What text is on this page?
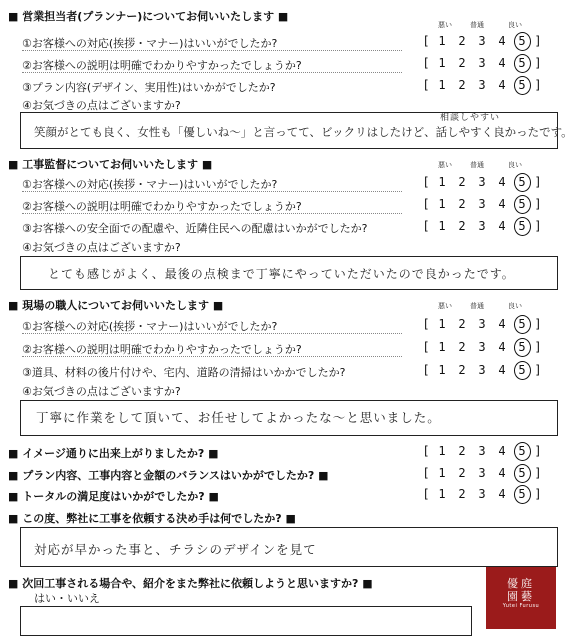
■ 営業担当者(プランナー)についてお伺いいたします ■
悪い	普通	良い
①お客様への対応(挨拶・マナー)はいいがでしたか?	[ 1 2 3 4 5 ]
②お客様への説明は明確でわかりやすかったでしょうか?	[ 1 2 3 4 5 ]
③プラン内容(デザイン、実用性)はいかがでしたか?	[ 1 2 3 4 5 ]
④お気づきの点はございますか?
相談しやすい
笑顔がとても良く、女性も「優しいね〜」と言ってて、ビックリはしたけど、話しやすく良かったです。
■ 工事監督についてお伺いいたします ■	悪い	普通	良い
①お客様への対応(挨拶・マナー)はいいがでしたか?	[ 1 2 3 4 5 ]
②お客様への説明は明確でわかりやすかったでしょうか?	[ 1 2 3 4 5 ]
③お客様への安全面での配慮や、近隣住民への配慮はいかがでしたか?	[ 1 2 3 4 5 ]
④お気づきの点はございますか?
とても感じがよく、最後の点検まで丁寧にやっていただいたので良かったです。
■ 現場の職人についてお伺いいたします ■	悪い	普通	良い
①お客様への対応(挨拶・マナー)はいいがでしたか?	[ 1 2 3 4 5 ]
②お客様への説明は明確でわかりやすかったでしょうか?	[ 1 2 3 4 5 ]
③道具、材料の後片付けや、宅内、道路の清掃はいかかでしたか?	[ 1 2 3 4 5 ]
④お気づきの点はございますか?
丁寧に作業をして頂いて、お任せしてよかったな〜と思いました。
■ イメージ通りに出来上がりましたか? ■	[ 1 2 3 4 5 ]
■ プラン内容、工事内容と金額のバランスはいかがでしたか? ■	[ 1 2 3 4 5 ]
■ トータルの満足度はいかがでしたか? ■	[ 1 2 3 4 5 ]
■ この度、弊社に工事を依頼する決め手は何でしたか? ■
対応が早かった事と、チラシのデザインを見て
■ 次回工事される場合や、紹介をまた弊社に依頼しようと思いますか? ■
はい・いいえ
優庭
園藝
Yutei Furusu
